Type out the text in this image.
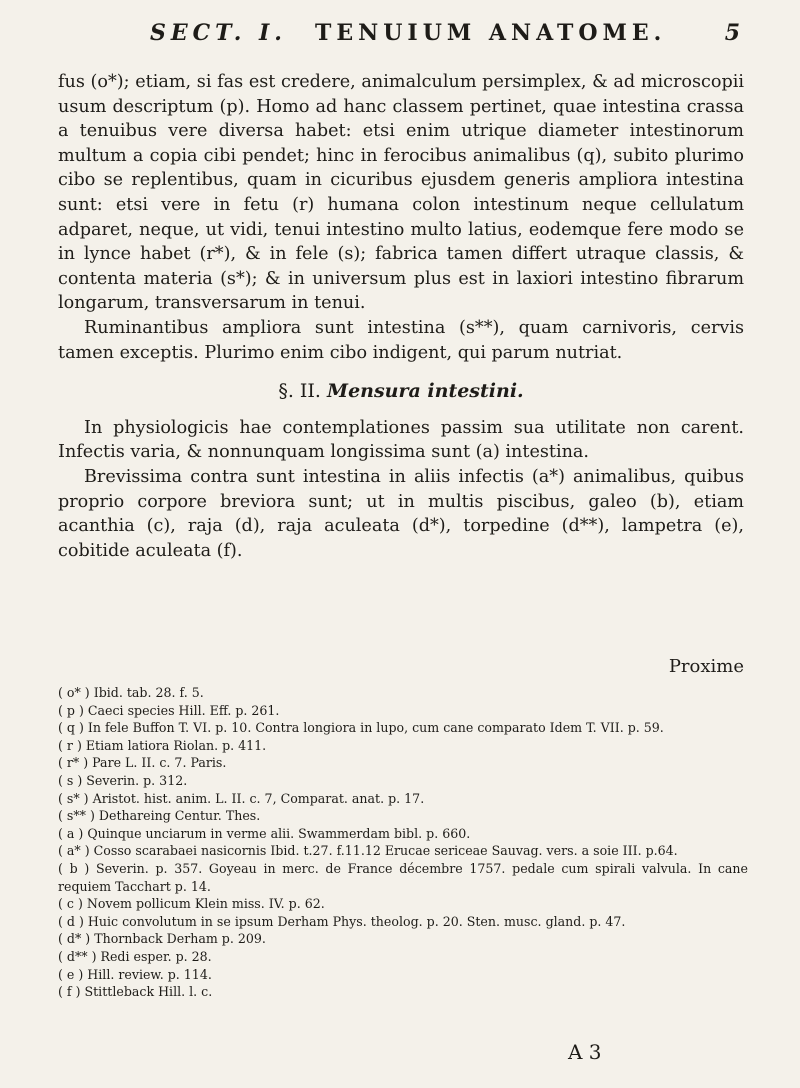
SECT. I. TENUIUM ANATOME.	5

fus (o*); etiam, si fas est credere, animalculum persimplex, & ad microscopii usum descriptum (p). Homo ad hanc classem pertinet, quae intestina crassa a tenuibus vere diversa habet: etsi enim utrique diameter intestinorum multum a copia cibi pendet; hinc in ferocibus animalibus (q), subito plurimo cibo se replentibus, quam in cicuribus ejusdem generis ampliora intestina sunt: etsi vere in fetu (r) humana colon intestinum neque cellulatum adparet, neque, ut vidi, tenui intestino multo latius, eodemque fere modo se in lynce habet (r*), & in fele (s); fabrica tamen differt utraque classis, & contenta materia (s*); & in universum plus est in laxiori intestino fibrarum longarum, transversarum in tenui.

Ruminantibus ampliora sunt intestina (s**), quam carnivoris, cervis tamen exceptis. Plurimo enim cibo indigent, qui parum nutriat.

§. II. Mensura intestini.

In physiologicis hae contemplationes passim sua utilitate non carent. Infectis varia, & nonnunquam longissima sunt (a) intestina.

Brevissima contra sunt intestina in aliis infectis (a*) animalibus, quibus proprio corpore breviora sunt; ut in multis piscibus, galeo (b), etiam acanthia (c), raja (d), raja aculeata (d*), torpedine (d**), lampetra (e), cobitide aculeata (f).

Proxime

( o* ) Ibid. tab. 28. f. 5.

( p ) Caeci species Hill. Eff. p. 261.

( q ) In fele Buffon T. VI. p. 10. Contra longiora in lupo, cum cane comparato Idem T. VII. p. 59.

( r ) Etiam latiora Riolan. p. 411.

( r* ) Pare L. II. c. 7. Paris.

( s ) Severin. p. 312.

( s* ) Aristot. hist. anim. L. II. c. 7, Comparat. anat. p. 17.

( s** ) Dethareing Centur. Thes.

( a ) Quinque unciarum in verme alii. Swammerdam bibl. p. 660.

( a* ) Cosso scarabaei nasicornis Ibid. t.27. f.11.12 Erucae sericeae Sauvag. vers. a soie III. p.64.

( b ) Severin. p. 357. Goyeau in merc. de France décembre 1757. pedale cum spirali valvula. In cane requiem Tacchart p. 14.

( c ) Novem pollicum Klein miss. IV. p. 62.

( d ) Huic convolutum in se ipsum Derham Phys. theolog. p. 20. Sten. musc. gland. p. 47.

( d* ) Thornback Derham p. 209.

( d** ) Redi esper. p. 28.

( e ) Hill. review. p. 114.

( f ) Stittleback Hill. l. c.

A 3
